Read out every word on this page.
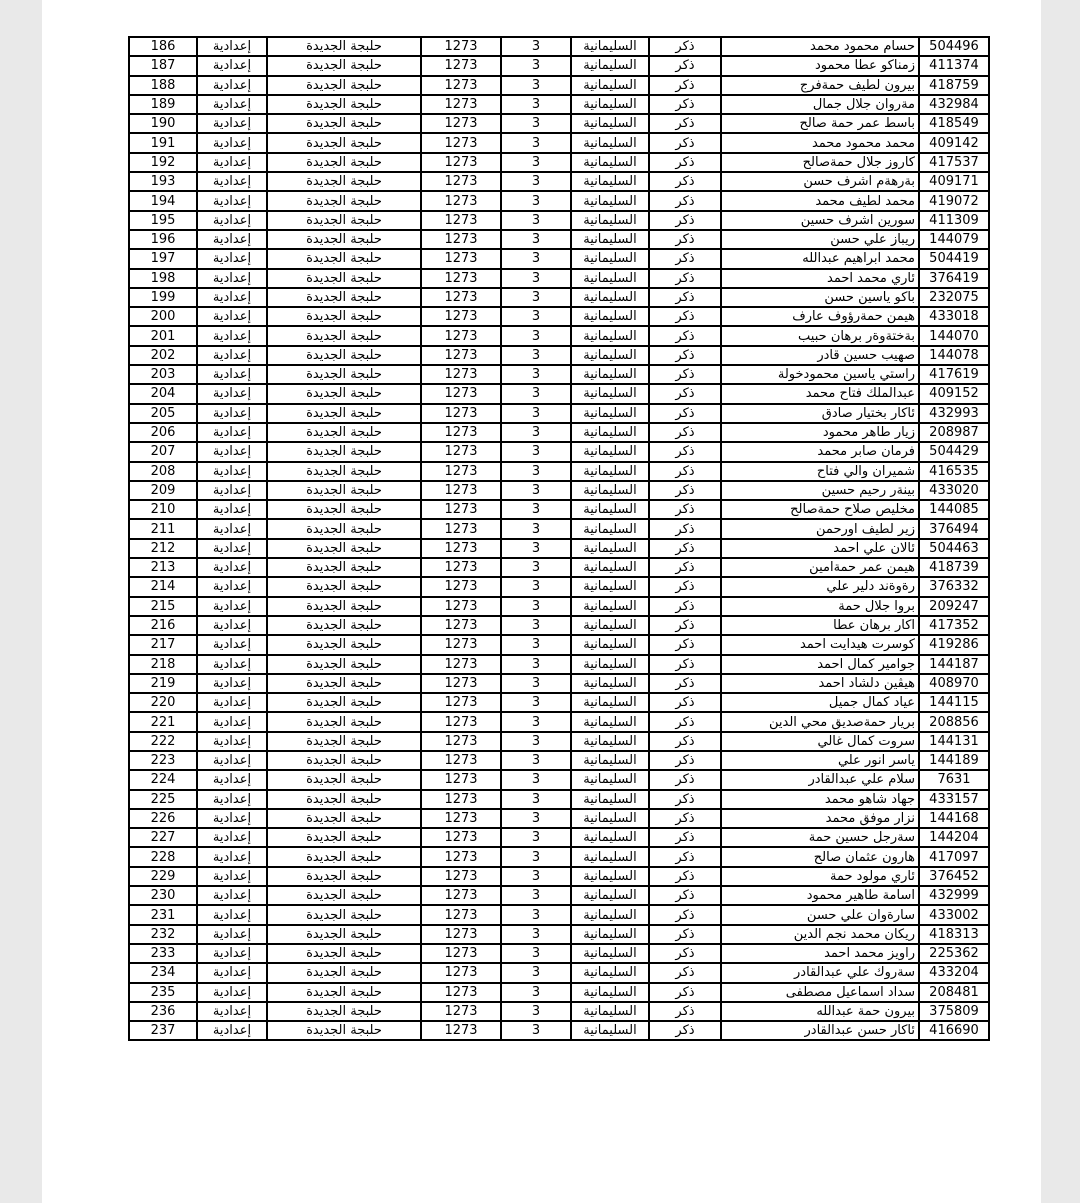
186	إعدادية	حلبجة الجديدة	1273	3	السليمانية	ذكر	حسام محمود محمد	504496
187	إعدادية	حلبجة الجديدة	1273	3	السليمانية	ذكر	زمناكو عطا محمود	411374
188	إعدادية	حلبجة الجديدة	1273	3	السليمانية	ذكر	بيرون لطيف حمةفرج	418759
189	إعدادية	حلبجة الجديدة	1273	3	السليمانية	ذكر	مةروان جلال جمال	432984
190	إعدادية	حلبجة الجديدة	1273	3	السليمانية	ذكر	باسط عمر حمة صالح	418549
191	إعدادية	حلبجة الجديدة	1273	3	السليمانية	ذكر	محمد محمود محمد	409142
192	إعدادية	حلبجة الجديدة	1273	3	السليمانية	ذكر	كاروز جلال حمةصالح	417537
193	إعدادية	حلبجة الجديدة	1273	3	السليمانية	ذكر	بةرهةم اشرف حسن	409171
194	إعدادية	حلبجة الجديدة	1273	3	السليمانية	ذكر	محمد لطيف محمد	419072
195	إعدادية	حلبجة الجديدة	1273	3	السليمانية	ذكر	سورين اشرف حسين	411309
196	إعدادية	حلبجة الجديدة	1273	3	السليمانية	ذكر	ريباز علي حسن	144079
197	إعدادية	حلبجة الجديدة	1273	3	السليمانية	ذكر	محمد ابراهيم عبدالله	504419
198	إعدادية	حلبجة الجديدة	1273	3	السليمانية	ذكر	ئاري محمد احمد	376419
199	إعدادية	حلبجة الجديدة	1273	3	السليمانية	ذكر	باكو ياسين حسن	232075
200	إعدادية	حلبجة الجديدة	1273	3	السليمانية	ذكر	هيمن حمةرؤوف عارف	433018
201	إعدادية	حلبجة الجديدة	1273	3	السليمانية	ذكر	بةختةوةر برهان حبيب	144070
202	إعدادية	حلبجة الجديدة	1273	3	السليمانية	ذكر	صهيب حسين قادر	144078
203	إعدادية	حلبجة الجديدة	1273	3	السليمانية	ذكر	راستي ياسين محمودخولة	417619
204	إعدادية	حلبجة الجديدة	1273	3	السليمانية	ذكر	عبدالملك فتاح محمد	409152
205	إعدادية	حلبجة الجديدة	1273	3	السليمانية	ذكر	ئاكار بختيار صادق	432993
206	إعدادية	حلبجة الجديدة	1273	3	السليمانية	ذكر	زيار طاهر محمود	208987
207	إعدادية	حلبجة الجديدة	1273	3	السليمانية	ذكر	فرمان صابر محمد	504429
208	إعدادية	حلبجة الجديدة	1273	3	السليمانية	ذكر	شميران والي فتاح	416535
209	إعدادية	حلبجة الجديدة	1273	3	السليمانية	ذكر	بينةر رحيم حسين	433020
210	إعدادية	حلبجة الجديدة	1273	3	السليمانية	ذكر	مخليص صلاح حمةصالح	144085
211	إعدادية	حلبجة الجديدة	1273	3	السليمانية	ذكر	زير لطيف اورحمن	376494
212	إعدادية	حلبجة الجديدة	1273	3	السليمانية	ذكر	ئالان علي احمد	504463
213	إعدادية	حلبجة الجديدة	1273	3	السليمانية	ذكر	هيمن عمر حمةامين	418739
214	إعدادية	حلبجة الجديدة	1273	3	السليمانية	ذكر	رةوةند دلير علي	376332
215	إعدادية	حلبجة الجديدة	1273	3	السليمانية	ذكر	بروا جلال حمة	209247
216	إعدادية	حلبجة الجديدة	1273	3	السليمانية	ذكر	اكار برهان عطا	417352
217	إعدادية	حلبجة الجديدة	1273	3	السليمانية	ذكر	كوسرت هيدايت احمد	419286
218	إعدادية	حلبجة الجديدة	1273	3	السليمانية	ذكر	جوامير كمال احمد	144187
219	إعدادية	حلبجة الجديدة	1273	3	السليمانية	ذكر	هيڤين دلشاد احمد	408970
220	إعدادية	حلبجة الجديدة	1273	3	السليمانية	ذكر	عياد كمال جميل	144115
221	إعدادية	حلبجة الجديدة	1273	3	السليمانية	ذكر	بريار حمةصديق محي الدين	208856
222	إعدادية	حلبجة الجديدة	1273	3	السليمانية	ذكر	سروت كمال غالي	144131
223	إعدادية	حلبجة الجديدة	1273	3	السليمانية	ذكر	ياسر انور علي	144189
224	إعدادية	حلبجة الجديدة	1273	3	السليمانية	ذكر	سلام علي عبدالقادر	7631
225	إعدادية	حلبجة الجديدة	1273	3	السليمانية	ذكر	جهاد شاهو محمد	433157
226	إعدادية	حلبجة الجديدة	1273	3	السليمانية	ذكر	نزار موفق محمد	144168
227	إعدادية	حلبجة الجديدة	1273	3	السليمانية	ذكر	سةرجل حسين حمة	144204
228	إعدادية	حلبجة الجديدة	1273	3	السليمانية	ذكر	هارون عثمان صالح	417097
229	إعدادية	حلبجة الجديدة	1273	3	السليمانية	ذكر	ئاري مولود حمة	376452
230	إعدادية	حلبجة الجديدة	1273	3	السليمانية	ذكر	اسامة طاهير محمود	432999
231	إعدادية	حلبجة الجديدة	1273	3	السليمانية	ذكر	سارةوان علي حسن	433002
232	إعدادية	حلبجة الجديدة	1273	3	السليمانية	ذكر	ريكان محمد نجم الدين	418313
233	إعدادية	حلبجة الجديدة	1273	3	السليمانية	ذكر	راويز محمد احمد	225362
234	إعدادية	حلبجة الجديدة	1273	3	السليمانية	ذكر	سةروك علي عبدالقادر	433204
235	إعدادية	حلبجة الجديدة	1273	3	السليمانية	ذكر	سداد اسماعيل مصطفى	208481
236	إعدادية	حلبجة الجديدة	1273	3	السليمانية	ذكر	بيرون حمة عبدالله	375809
237	إعدادية	حلبجة الجديدة	1273	3	السليمانية	ذكر	ئاكار حسن عبدالقادر	416690
